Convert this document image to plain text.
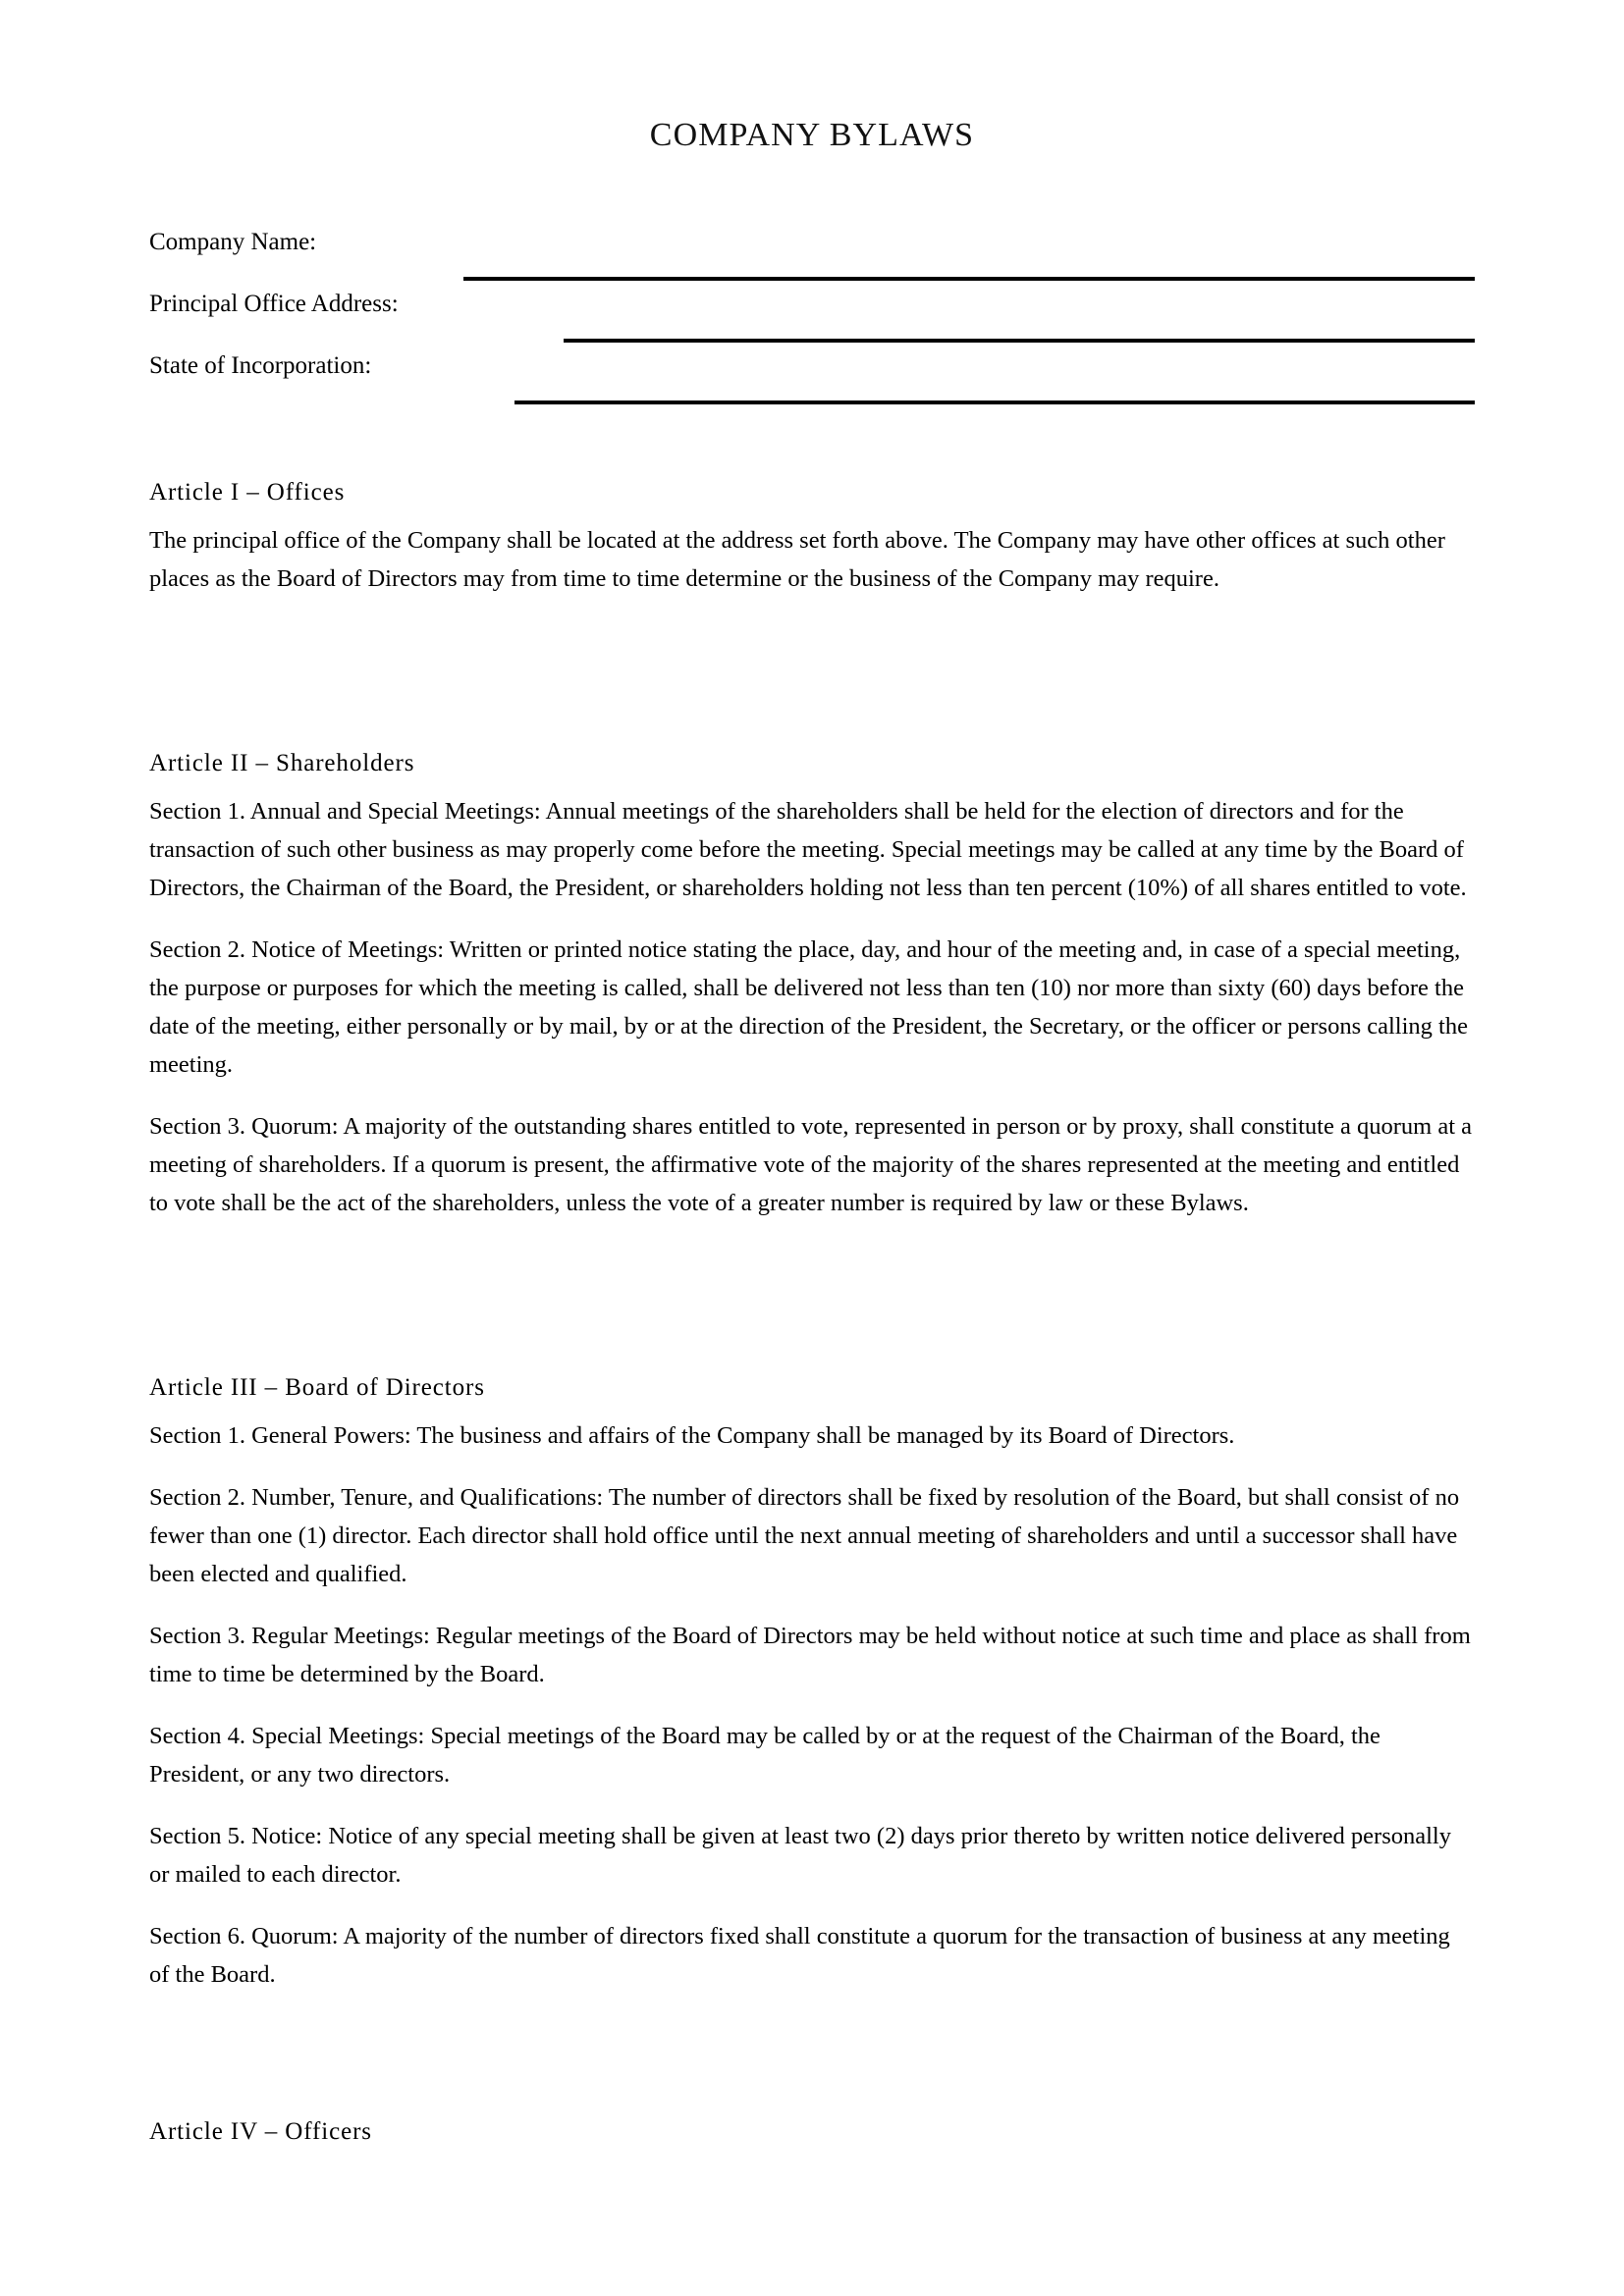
COMPANY BYLAWS
Company Name:
Principal Office Address:
State of Incorporation:
Article I – Offices

The principal office of the Company shall be located at the address set forth above. The Company may have other offices at such other places as the Board of Directors may from time to time determine or the business of the Company may require.

Article II – Shareholders

Section 1. Annual and Special Meetings: Annual meetings of the shareholders shall be held for the election of directors and for the transaction of such other business as may properly come before the meeting. Special meetings may be called at any time by the Board of Directors, the Chairman of the Board, the President, or shareholders holding not less than ten percent (10%) of all shares entitled to vote.

Section 2. Notice of Meetings: Written or printed notice stating the place, day, and hour of the meeting and, in case of a special meeting, the purpose or purposes for which the meeting is called, shall be delivered not less than ten (10) nor more than sixty (60) days before the date of the meeting, either personally or by mail, by or at the direction of the President, the Secretary, or the officer or persons calling the meeting.

Section 3. Quorum: A majority of the outstanding shares entitled to vote, represented in person or by proxy, shall constitute a quorum at a meeting of shareholders. If a quorum is present, the affirmative vote of the majority of the shares represented at the meeting and entitled to vote shall be the act of the shareholders, unless the vote of a greater number is required by law or these Bylaws.

Article III – Board of Directors

Section 1. General Powers: The business and affairs of the Company shall be managed by its Board of Directors.

Section 2. Number, Tenure, and Qualifications: The number of directors shall be fixed by resolution of the Board, but shall consist of no fewer than one (1) director. Each director shall hold office until the next annual meeting of shareholders and until a successor shall have been elected and qualified.

Section 3. Regular Meetings: Regular meetings of the Board of Directors may be held without notice at such time and place as shall from time to time be determined by the Board.

Section 4. Special Meetings: Special meetings of the Board may be called by or at the request of the Chairman of the Board, the President, or any two directors.

Section 5. Notice: Notice of any special meeting shall be given at least two (2) days prior thereto by written notice delivered personally or mailed to each director.

Section 6. Quorum: A majority of the number of directors fixed shall constitute a quorum for the transaction of business at any meeting of the Board.

Article IV – Officers
